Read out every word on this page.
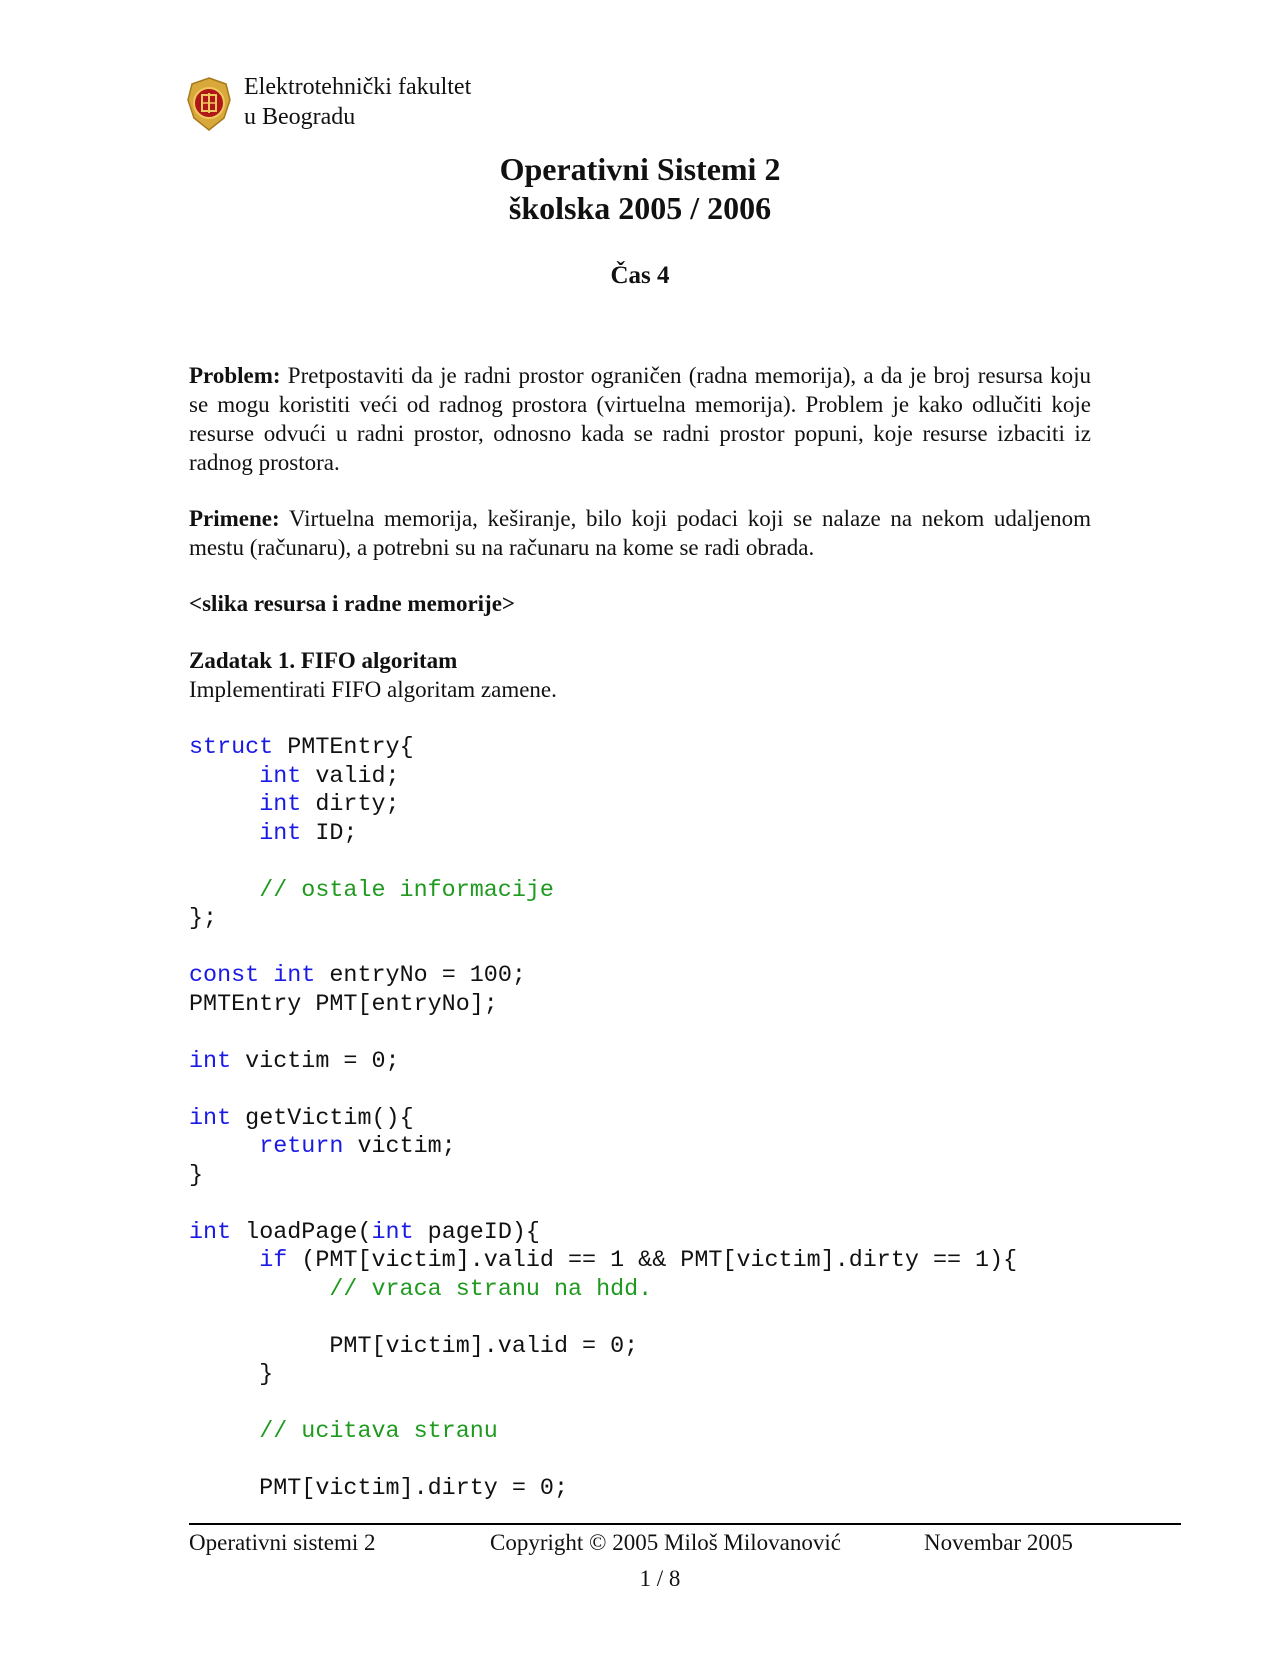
Elektrotehnički fakultet
u Beogradu
Operativni Sistemi 2
školska 2005 / 2006
Čas 4
Problem: Pretpostaviti da je radni prostor ograničen (radna memorija), a da je broj resursa koju se mogu koristiti veći od radnog prostora (virtuelna memorija). Problem je kako odlučiti koje resurse odvući u radni prostor, odnosno kada se radni prostor popuni, koje resurse izbaciti iz radnog prostora.
Primene: Virtuelna memorija, keširanje, bilo koji podaci koji se nalaze na nekom udaljenom mestu (računaru), a potrebni su na računaru na kome se radi obrada.
<slika resursa i radne memorije>
Zadatak 1. FIFO algoritam
Implementirati FIFO algoritam zamene.
struct PMTEntry{
int valid;
int dirty;
int ID;

// ostale informacije
};

const int entryNo = 100;
PMTEntry PMT[entryNo];

int victim = 0;

int getVictim(){
return victim;
}

int loadPage(int pageID){
if (PMT[victim].valid == 1 && PMT[victim].dirty == 1){
// vraca stranu na hdd.

PMT[victim].valid = 0;
}

// ucitava stranu

PMT[victim].dirty = 0;
Operativni sistemi 2	Copyright © 2005 Miloš Milovanović	Novembar 2005
1 / 8
